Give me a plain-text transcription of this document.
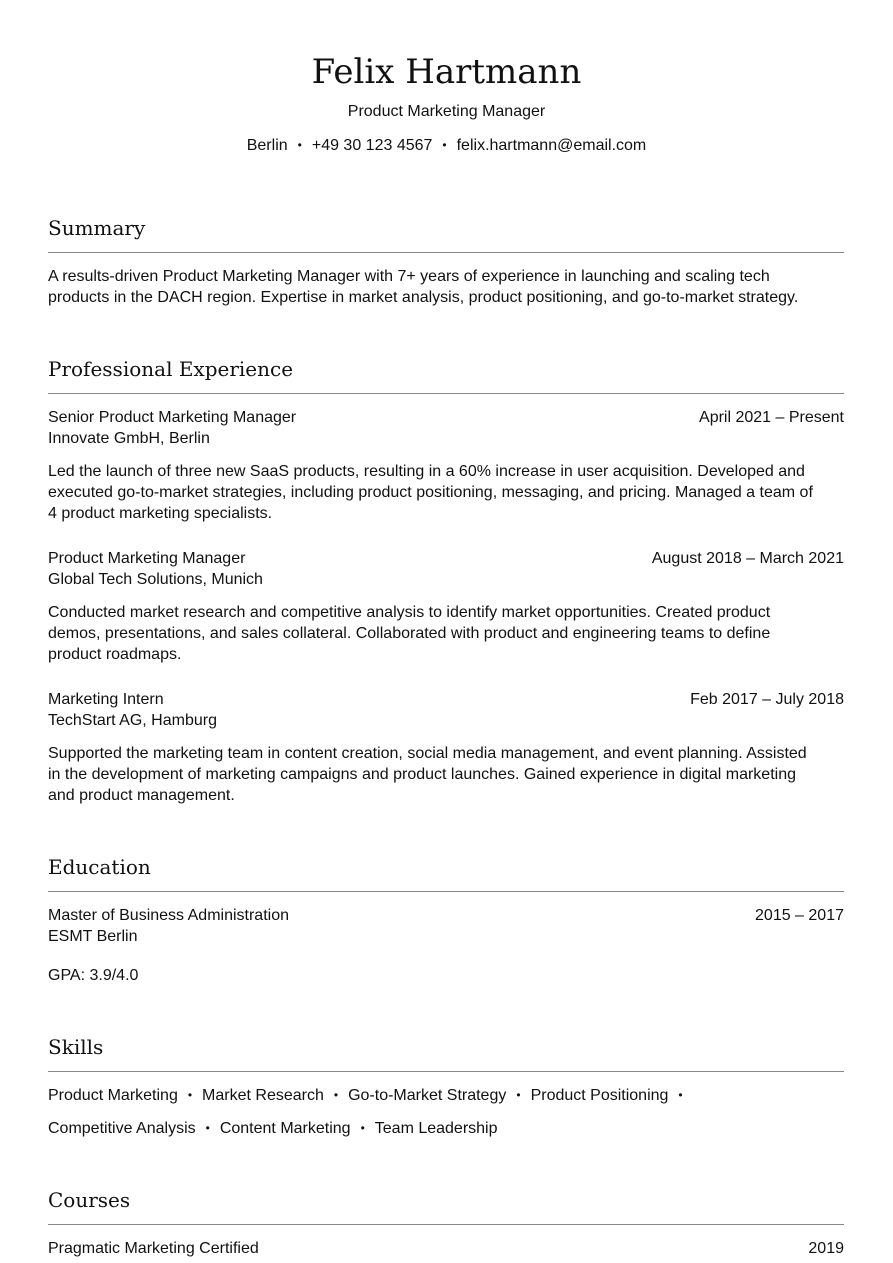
Felix Hartmann
Product Marketing Manager
Berlin • +49 30 123 4567 • felix.hartmann@email.com
Summary
A results-driven Product Marketing Manager with 7+ years of experience in launching and scaling tech
products in the DACH region. Expertise in market analysis, product positioning, and go-to-market strategy.
Professional Experience
Senior Product Marketing Manager	April 2021 – Present
Innovate GmbH, Berlin
Led the launch of three new SaaS products, resulting in a 60% increase in user acquisition. Developed and
executed go-to-market strategies, including product positioning, messaging, and pricing. Managed a team of
4 product marketing specialists.
Product Marketing Manager	August 2018 – March 2021
Global Tech Solutions, Munich
Conducted market research and competitive analysis to identify market opportunities. Created product
demos, presentations, and sales collateral. Collaborated with product and engineering teams to define
product roadmaps.
Marketing Intern	Feb 2017 – July 2018
TechStart AG, Hamburg
Supported the marketing team in content creation, social media management, and event planning. Assisted
in the development of marketing campaigns and product launches. Gained experience in digital marketing
and product management.
Education
Master of Business Administration	2015 – 2017
ESMT Berlin
GPA: 3.9/4.0
Skills
Product Marketing • Market Research • Go-to-Market Strategy • Product Positioning •
Competitive Analysis • Content Marketing • Team Leadership
Courses
Pragmatic Marketing Certified	2019
